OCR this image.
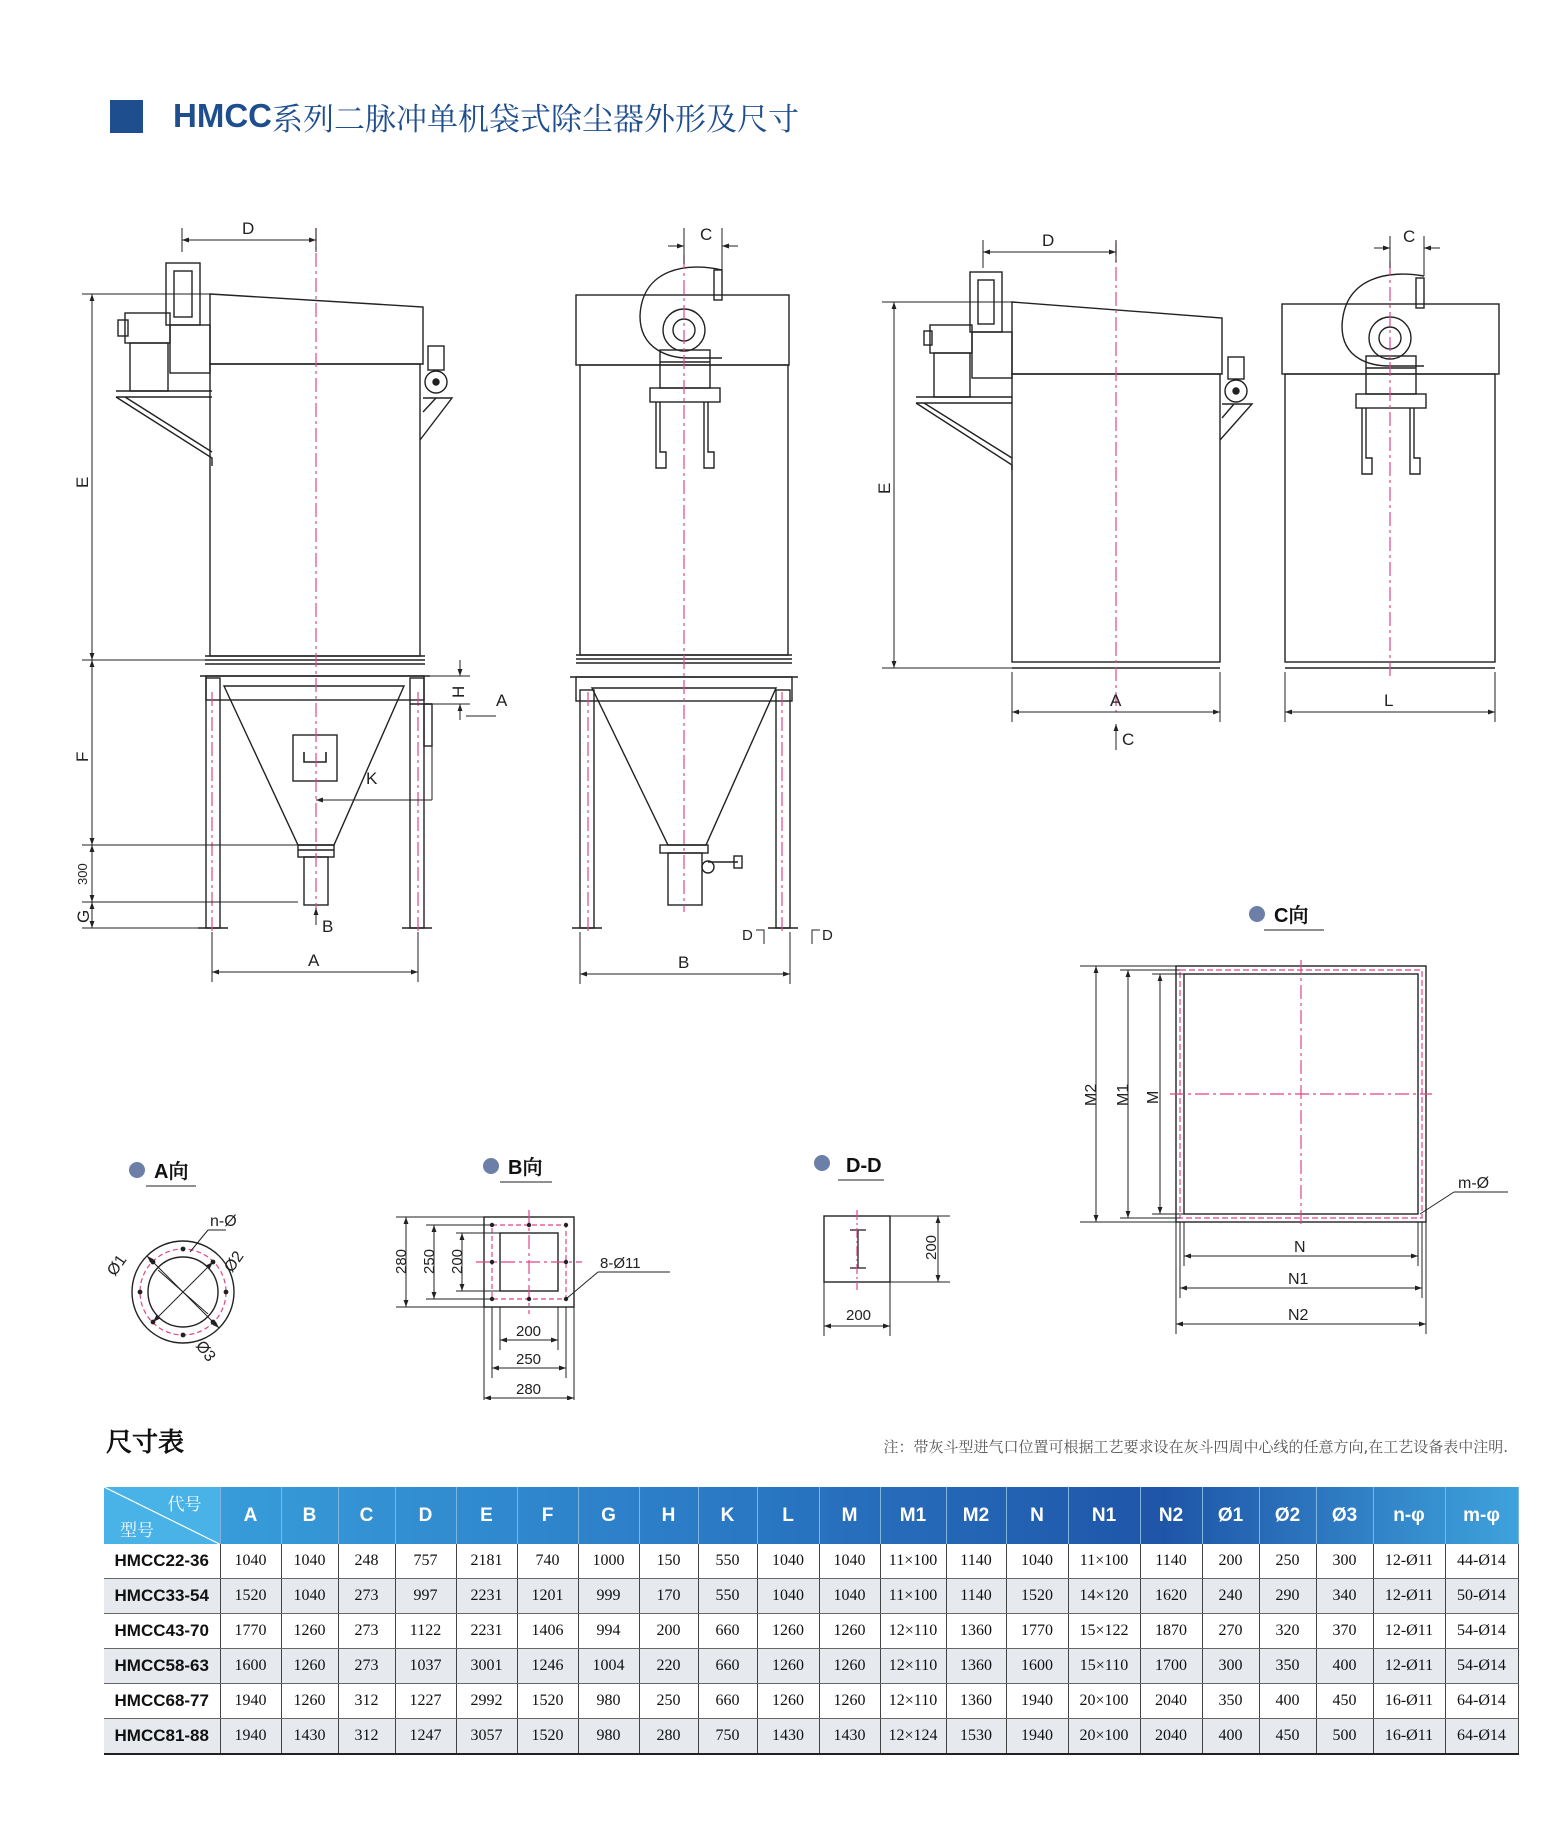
HMCC 系列二脉冲单机袋式除尘器外形及尺寸
D
E
F
300
G
A
H A
K
B
C
B
D	D
D
E
A
C
C
L
C向
M2 M1 M
N
N1
N2
m-Ø
A向
n-Ø
Ø1	Ø2
Ø3
B向
280 250 200
200
250
280
8-Ø11
D-D
200
200
尺寸表	注：带灰斗型进气口位置可根据工艺要求设在灰斗四周中心线的任意方向,在工艺设备表中注明.
代号
型号	A	B	C	D	E	F	G	H	K	L	M	M1	M2	N	N1	N2	Ø1	Ø2	Ø3	n-φ	m-φ
HMCC22-36	1040	1040	248	757	2181	740	1000	150	550	1040	1040	11×100	1140	1040	11×100	1140	200	250	300	12-Ø11	44-Ø14
HMCC33-54	1520	1040	273	997	2231	1201	999	170	550	1040	1040	11×100	1140	1520	14×120	1620	240	290	340	12-Ø11	50-Ø14
HMCC43-70	1770	1260	273	1122	2231	1406	994	200	660	1260	1260	12×110	1360	1770	15×122	1870	270	320	370	12-Ø11	54-Ø14
HMCC58-63	1600	1260	273	1037	3001	1246	1004	220	660	1260	1260	12×110	1360	1600	15×110	1700	300	350	400	12-Ø11	54-Ø14
HMCC68-77	1940	1260	312	1227	2992	1520	980	250	660	1260	1260	12×110	1360	1940	20×100	2040	350	400	450	16-Ø11	64-Ø14
HMCC81-88	1940	1430	312	1247	3057	1520	980	280	750	1430	1430	12×124	1530	1940	20×100	2040	400	450	500	16-Ø11	64-Ø14
